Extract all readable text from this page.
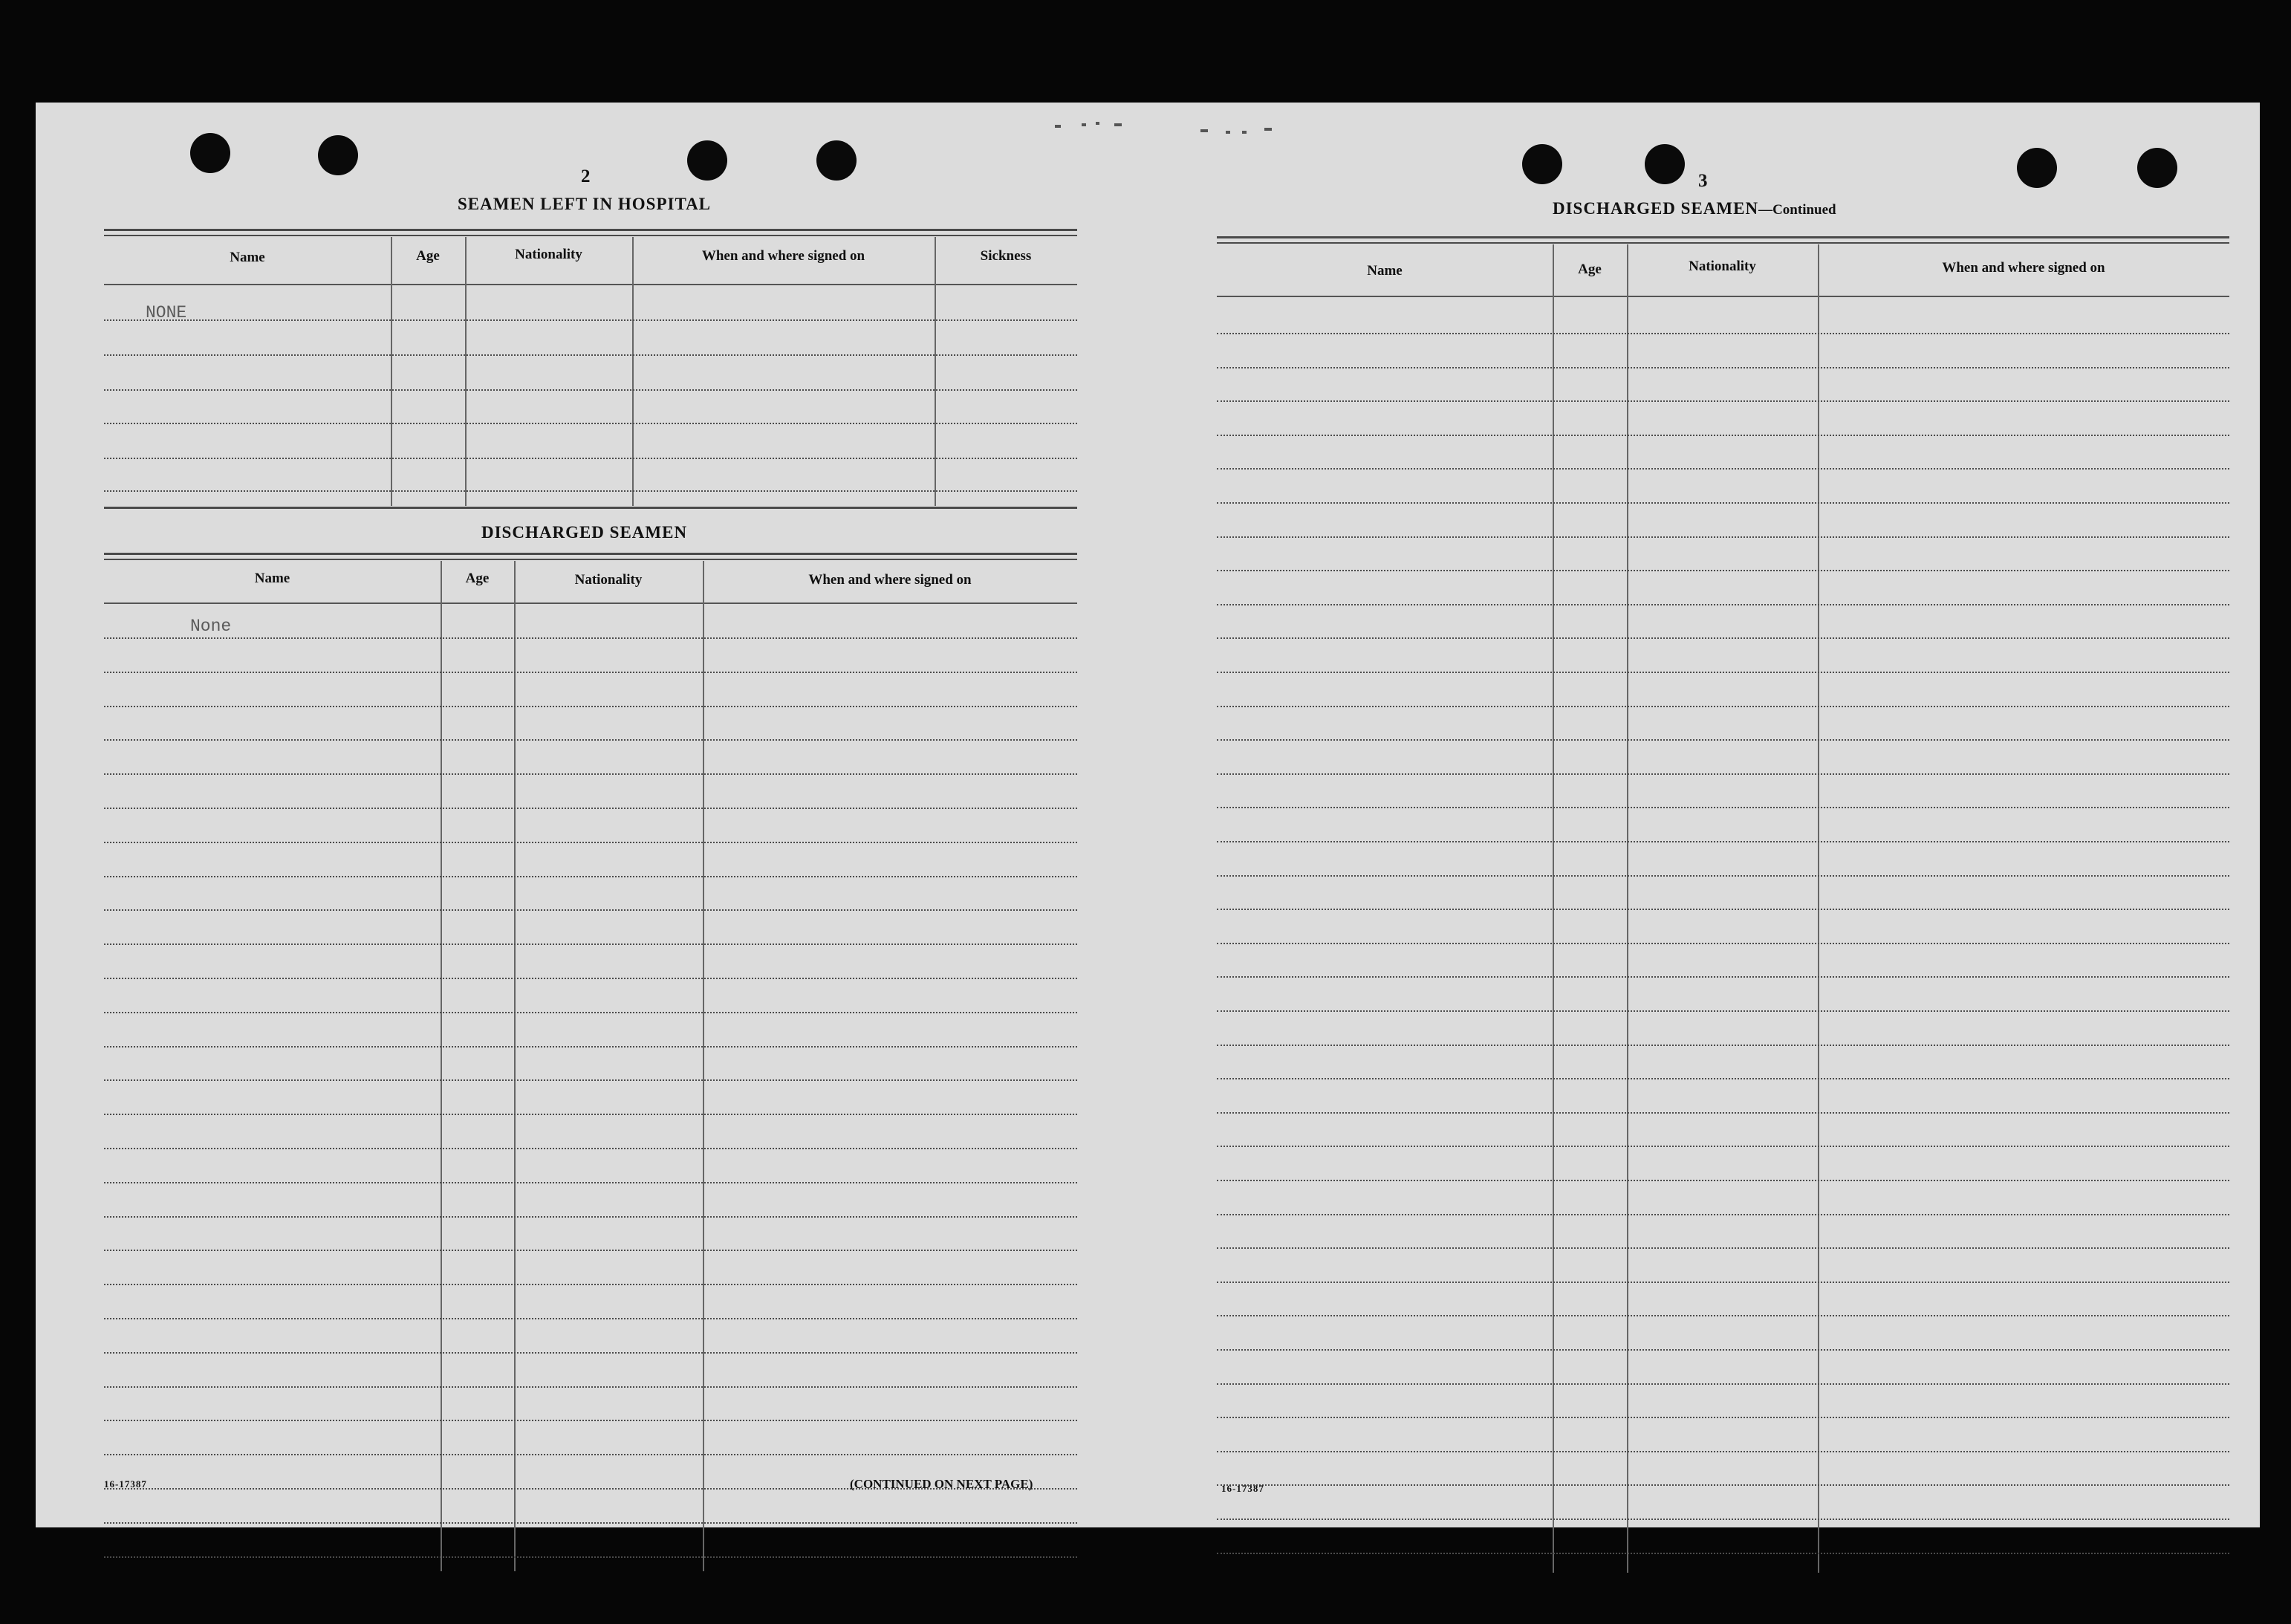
2
SEAMEN LEFT IN HOSPITAL
Name	Age	Nationality	When and where signed on	Sickness
NONE
DISCHARGED SEAMEN
Name	Age	Nationality	When and where signed on
None
16-17387	(CONTINUED ON NEXT PAGE)
3
DISCHARGED SEAMEN—Continued
Name	Age	Nationality	When and where signed on
16-17387
